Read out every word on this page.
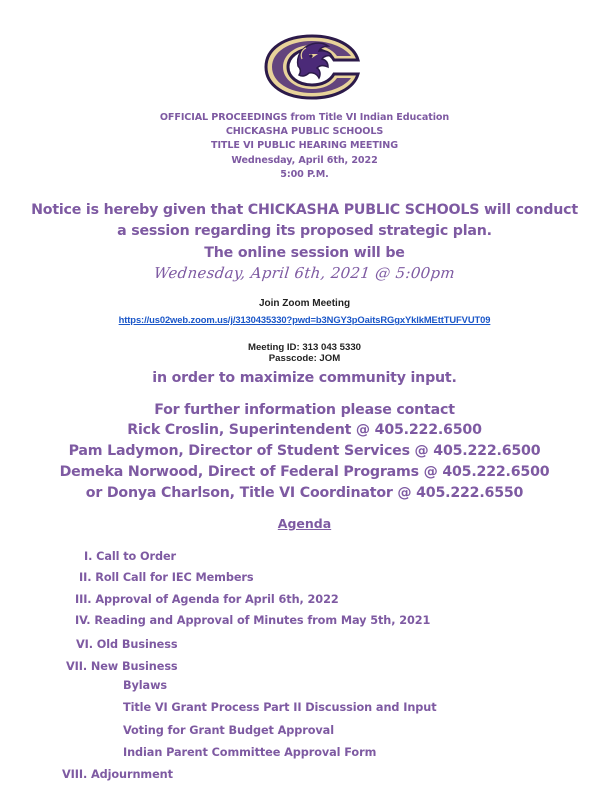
OFFICIAL PROCEEDINGS from Title VI Indian Education
CHICKASHA PUBLIC SCHOOLS
TITLE VI PUBLIC HEARING MEETING
Wednesday, April 6th, 2022
5:00 P.M.
Notice is hereby given that CHICKASHA PUBLIC SCHOOLS will conduct
a session regarding its proposed strategic plan.
The online session will be
Wednesday, April 6th, 2021 @ 5:00pm
Join Zoom Meeting
https://us02web.zoom.us/j/3130435330?pwd=b3NGY3pOaitsRGgxYklkMEttTUFVUT09
Meeting ID: 313 043 5330
Passcode: JOM
in order to maximize community input.
For further information please contact
Rick Croslin, Superintendent @ 405.222.6500
Pam Ladymon, Director of Student Services @ 405.222.6500
Demeka Norwood, Direct of Federal Programs @ 405.222.6500
or Donya Charlson, Title VI Coordinator @ 405.222.6550
Agenda
I. Call to Order
II. Roll Call for IEC Members
III. Approval of Agenda for April 6th, 2022
IV. Reading and Approval of Minutes from May 5th, 2021
VI. Old Business
VII. New Business
Bylaws
Title VI Grant Process Part II Discussion and Input
Voting for Grant Budget Approval
Indian Parent Committee Approval Form
VIII. Adjournment
